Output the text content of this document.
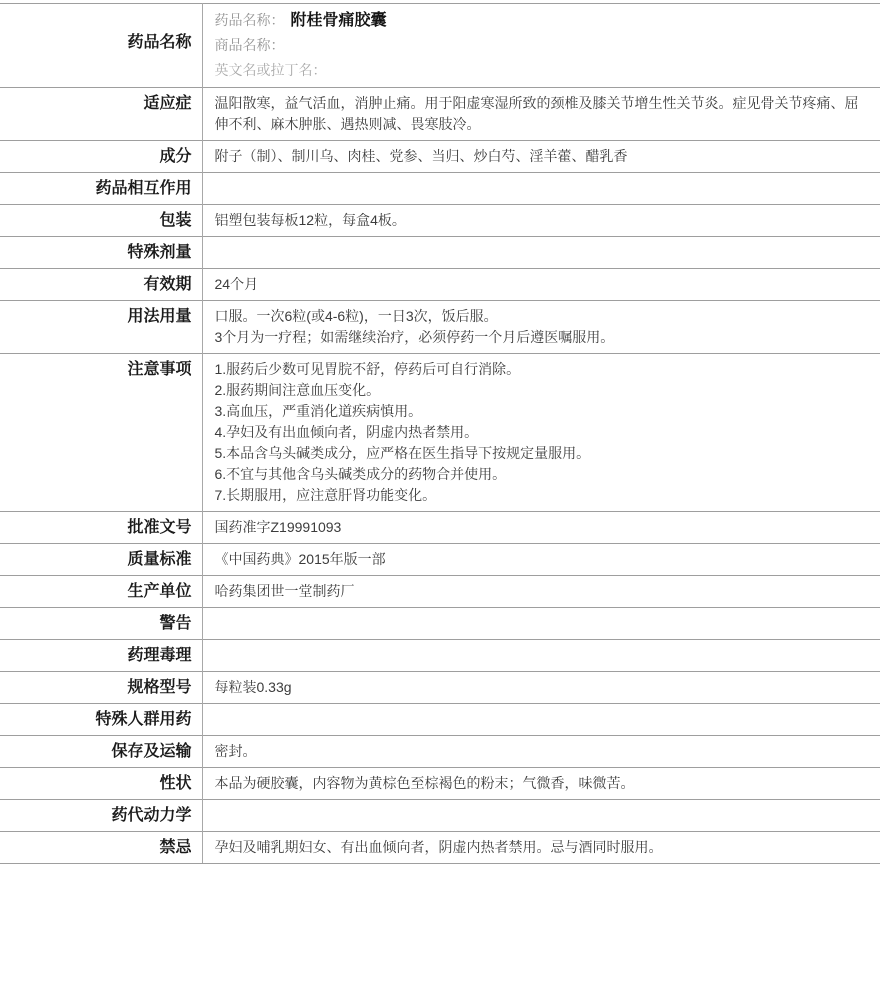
药品名称	药品名称： 附桂骨痛胶囊
商品名称：
英文名或拉丁名：

适应症	温阳散寒，益气活血，消肿止痛。用于阳虚寒湿所致的颈椎及膝关节增生性关节炎。症见骨关节疼痛、屈伸不利、麻木肿胀、遇热则减、畏寒肢冷。
成分	附子（制）、制川乌、肉桂、党参、当归、炒白芍、淫羊藿、醋乳香
药品相互作用	
包装	铝塑包装每板12粒，每盒4板。
特殊剂量	
有效期	24个月
用法用量	口服。一次6粒(或4-6粒)，一日3次，饭后服。
3个月为一疗程；如需继续治疗，必须停药一个月后遵医嘱服用。

注意事项	1.服药后少数可见胃脘不舒，停药后可自行消除。
2.服药期间注意血压变化。
3.高血压，严重消化道疾病慎用。
4.孕妇及有出血倾向者，阴虚内热者禁用。
5.本品含乌头碱类成分，应严格在医生指导下按规定量服用。
6.不宜与其他含乌头碱类成分的药物合并使用。
7.长期服用，应注意肝肾功能变化。

批准文号	国药准字Z19991093
质量标准	《中国药典》2015年版一部
生产单位	哈药集团世一堂制药厂
警告	
药理毒理	
规格型号	每粒装0.33g
特殊人群用药	
保存及运输	密封。
性状	本品为硬胶囊，内容物为黄棕色至棕褐色的粉末；气微香，味微苦。
药代动力学	
禁忌	孕妇及哺乳期妇女、有出血倾向者，阴虚内热者禁用。忌与酒同时服用。
